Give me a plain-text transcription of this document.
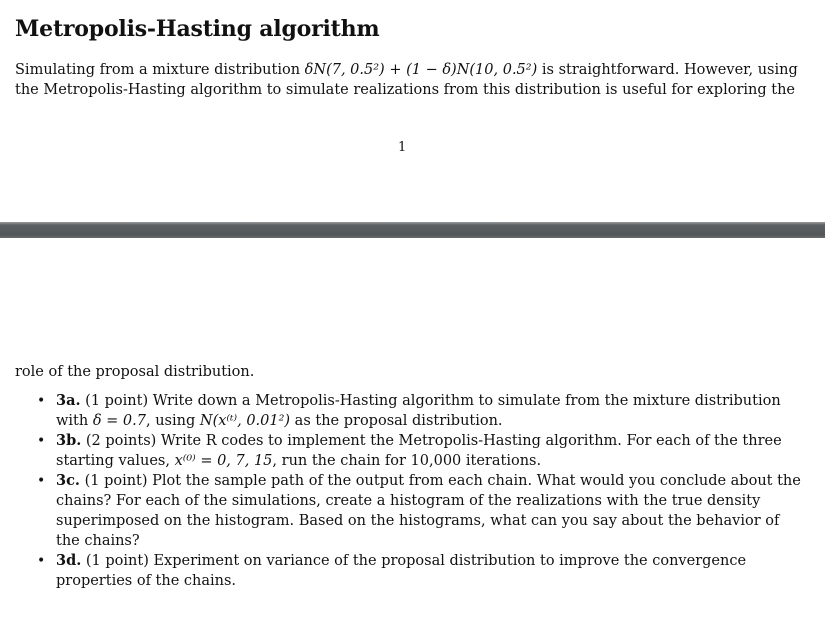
Metropolis-Hasting algorithm

Simulating from a mixture distribution δN(7, 0.5²) + (1 − δ)N(10, 0.5²) is straightforward. However, using
the Metropolis-Hasting algorithm to simulate realizations from this distribution is useful for exploring the

1

role of the proposal distribution.

• 3a. (1 point) Write down a Metropolis-Hasting algorithm to simulate from the mixture distribution with δ = 0.7, using N(x⁽ᵗ⁾, 0.01²) as the proposal distribution.
• 3b. (2 points) Write R codes to implement the Metropolis-Hasting algorithm. For each of the three starting values, x⁽⁰⁾ = 0, 7, 15, run the chain for 10,000 iterations.
• 3c. (1 point) Plot the sample path of the output from each chain. What would you conclude about the chains? For each of the simulations, create a histogram of the realizations with the true density superimposed on the histogram. Based on the histograms, what can you say about the behavior of the chains?
• 3d. (1 point) Experiment on variance of the proposal distribution to improve the convergence properties of the chains.
